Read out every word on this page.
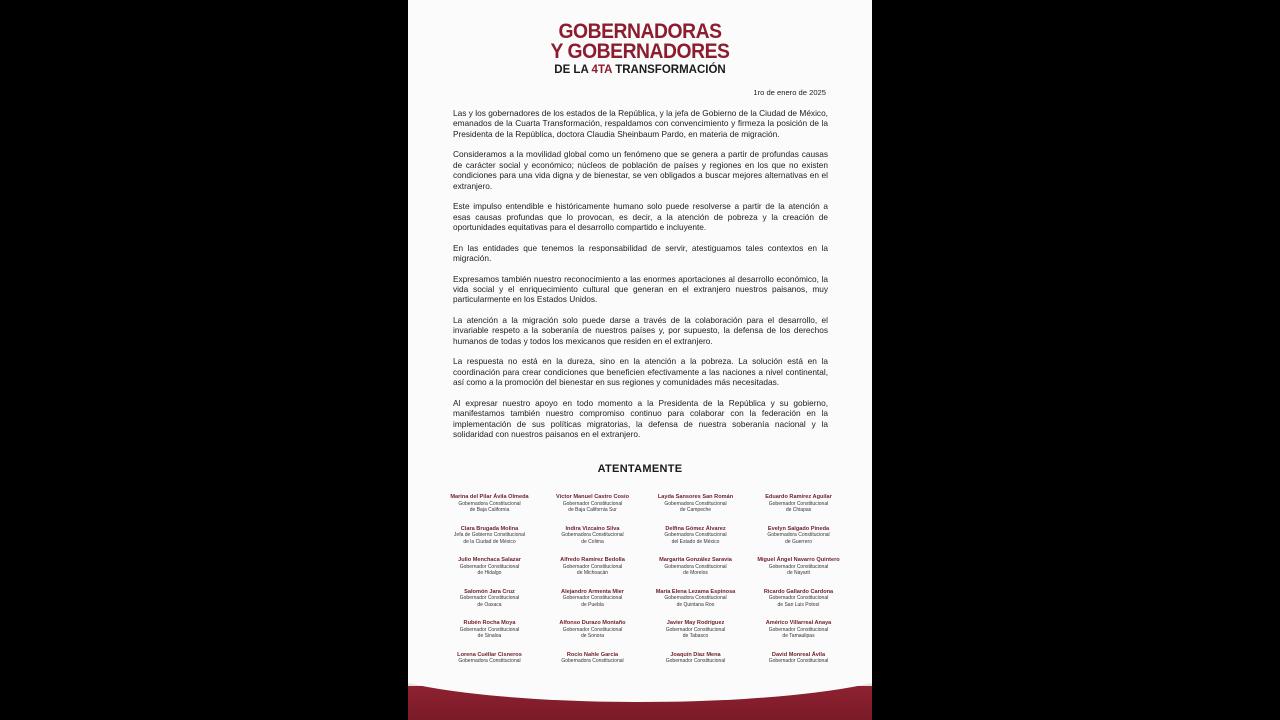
GOBERNADORAS
Y GOBERNADORES
DE LA 4TA TRANSFORMACIÓN
1ro de enero de 2025

Las y los gobernadores de los estados de la República, y la jefa de Gobierno de la Ciudad de México, emanados de la Cuarta Transformación, respaldamos con convencimiento y firmeza la posición de la Presidenta de la República, doctora Claudia Sheinbaum Pardo, en materia de migración.

Consideramos a la movilidad global como un fenómeno que se genera a partir de profundas causas de carácter social y económico; núcleos de población de países y regiones en los que no existen condiciones para una vida digna y de bienestar, se ven obligados a buscar mejores alternativas en el extranjero.

Este impulso entendible e históricamente humano solo puede resolverse a partir de la atención a esas causas profundas que lo provocan, es decir, a la atención de pobreza y la creación de oportunidades equitativas para el desarrollo compartido e incluyente.

En las entidades que tenemos la responsabilidad de servir, atestiguamos tales contextos en la migración.

Expresamos también nuestro reconocimiento a las enormes aportaciones al desarrollo económico, la vida social y el enriquecimiento cultural que generan en el extranjero nuestros paisanos, muy particularmente en los Estados Unidos.

La atención a la migración solo puede darse a través de la colaboración para el desarrollo, el invariable respeto a la soberanía de nuestros países y, por supuesto, la defensa de los derechos humanos de todas y todos los mexicanos que residen en el extranjero.

La respuesta no está en la dureza, sino en la atención a la pobreza. La solución está en la coordinación para crear condiciones que beneficien efectivamente a las naciones a nivel continental, así como a la promoción del bienestar en sus regiones y comunidades más necesitadas.

Al expresar nuestro apoyo en todo momento a la Presidenta de la República y su gobierno, manifestamos también nuestro compromiso continuo para colaborar con la federación en la implementación de sus políticas migratorias, la defensa de nuestra soberanía nacional y la solidaridad con nuestros paisanos en el extranjero.

ATENTAMENTE
Marina del Pilar Ávila Olmeda
Gobernadora Constitucional
de Baja California
Víctor Manuel Castro Cosío
Gobernador Constitucional
de Baja California Sur
Layda Sansores San Román
Gobernadora Constitucional
de Campeche
Eduardo Ramírez Aguilar
Gobernador Constitucional
de Chiapas
Clara Brugada Molina
Jefa de Gobierno Constitucional
de la Ciudad de México
Indira Vizcaíno Silva
Gobernadora Constitucional
de Colima
Delfina Gómez Álvarez
Gobernadora Constitucional
del Estado de México
Evelyn Salgado Pineda
Gobernadora Constitucional
de Guerrero
Julio Menchaca Salazar
Gobernador Constitucional
de Hidalgo
Alfredo Ramírez Bedolla
Gobernador Constitucional
de Michoacán
Margarita González Saravia
Gobernadora Constitucional
de Morelos
Miguel Ángel Navarro Quintero
Gobernador Constitucional
de Nayarit
Salomón Jara Cruz
Gobernador Constitucional
de Oaxaca
Alejandro Armenta Mier
Gobernador Constitucional
de Puebla
María Elena Lezama Espinosa
Gobernadora Constitucional
de Quintana Roo
Ricardo Gallardo Cardona
Gobernador Constitucional
de San Luis Potosí
Rubén Rocha Moya
Gobernador Constitucional
de Sinaloa
Alfonso Durazo Montaño
Gobernador Constitucional
de Sonora
Javier May Rodríguez
Gobernador Constitucional
de Tabasco
Américo Villarreal Anaya
Gobernador Constitucional
de Tamaulipas
Lorena Cuéllar Cisneros	Rocío Nahle García	Joaquín Díaz Mena	David Monreal Ávila
